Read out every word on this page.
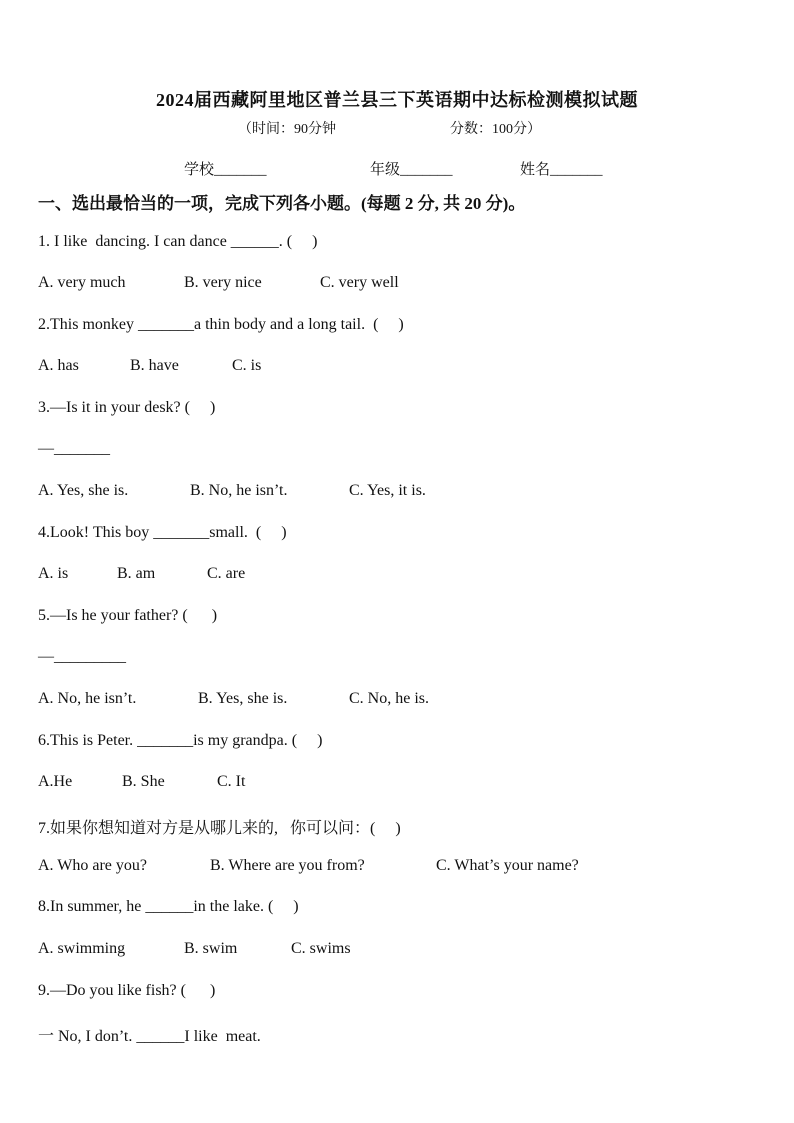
2024届西藏阿里地区普兰县三下英语期中达标检测模拟试题
（时间：90分钟	分数：100分）
学校_______	年级_______	姓名_______
一、选出最恰当的一项，完成下列各小题。(每题 2 分, 共 20 分)。
1. I like  dancing. I can dance ______. (     )
A. very much	B. very nice	C. very well
2.This monkey _______a thin body and a long tail.  (     )
A. has	B. have	C. is
3.—Is it in your desk? (     )
—_______
A. Yes, she is.	B. No, he isn’t.	C. Yes, it is.
4.Look! This boy _______small.  (     )
A. is	B. am	C. are
5.—Is he your father? (      )
—_________
A. No, he isn’t.	B. Yes, she is.	C. No, he is.
6.This is Peter. _______is my grandpa. (     )
A.He	B. She	C. It
7.如果你想知道对方是从哪儿来的,   你可以问：(     )
A. Who are you?	B. Where are you from?	C. What’s your name?
8.In summer, he ______in the lake. (     )
A. swimming	B. swim	C. swims
9.—Do you like fish? (      )
一 No, I don’t. ______I like  meat.
